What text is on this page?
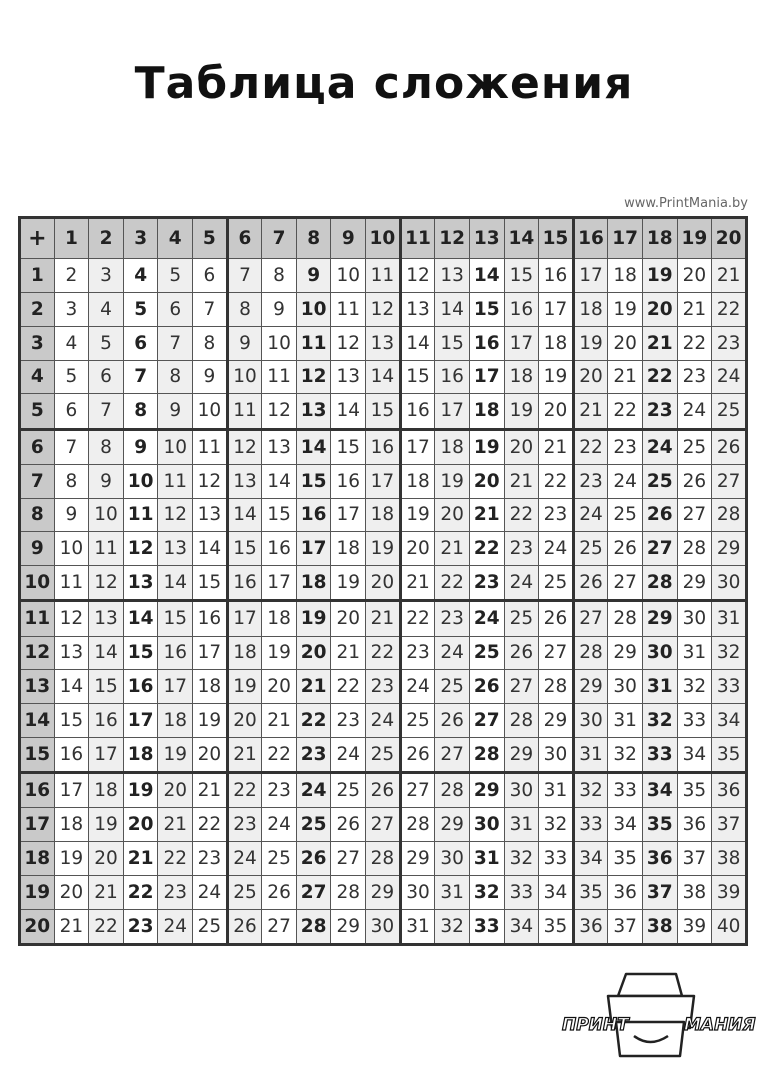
Таблица сложения
www.PrintMania.by
+	1	2	3	4	5	6	7	8	9	10	11	12	13	14	15	16	17	18	19	20
1	2	3	4	5	6	7	8	9	10	11	12	13	14	15	16	17	18	19	20	21
2	3	4	5	6	7	8	9	10	11	12	13	14	15	16	17	18	19	20	21	22
3	4	5	6	7	8	9	10	11	12	13	14	15	16	17	18	19	20	21	22	23
4	5	6	7	8	9	10	11	12	13	14	15	16	17	18	19	20	21	22	23	24
5	6	7	8	9	10	11	12	13	14	15	16	17	18	19	20	21	22	23	24	25
6	7	8	9	10	11	12	13	14	15	16	17	18	19	20	21	22	23	24	25	26
7	8	9	10	11	12	13	14	15	16	17	18	19	20	21	22	23	24	25	26	27
8	9	10	11	12	13	14	15	16	17	18	19	20	21	22	23	24	25	26	27	28
9	10	11	12	13	14	15	16	17	18	19	20	21	22	23	24	25	26	27	28	29
10	11	12	13	14	15	16	17	18	19	20	21	22	23	24	25	26	27	28	29	30
11	12	13	14	15	16	17	18	19	20	21	22	23	24	25	26	27	28	29	30	31
12	13	14	15	16	17	18	19	20	21	22	23	24	25	26	27	28	29	30	31	32
13	14	15	16	17	18	19	20	21	22	23	24	25	26	27	28	29	30	31	32	33
14	15	16	17	18	19	20	21	22	23	24	25	26	27	28	29	30	31	32	33	34
15	16	17	18	19	20	21	22	23	24	25	26	27	28	29	30	31	32	33	34	35
16	17	18	19	20	21	22	23	24	25	26	27	28	29	30	31	32	33	34	35	36
17	18	19	20	21	22	23	24	25	26	27	28	29	30	31	32	33	34	35	36	37
18	19	20	21	22	23	24	25	26	27	28	29	30	31	32	33	34	35	36	37	38
19	20	21	22	23	24	25	26	27	28	29	30	31	32	33	34	35	36	37	38	39
20	21	22	23	24	25	26	27	28	29	30	31	32	33	34	35	36	37	38	39	40
ПРИНТ	МАНИЯ
